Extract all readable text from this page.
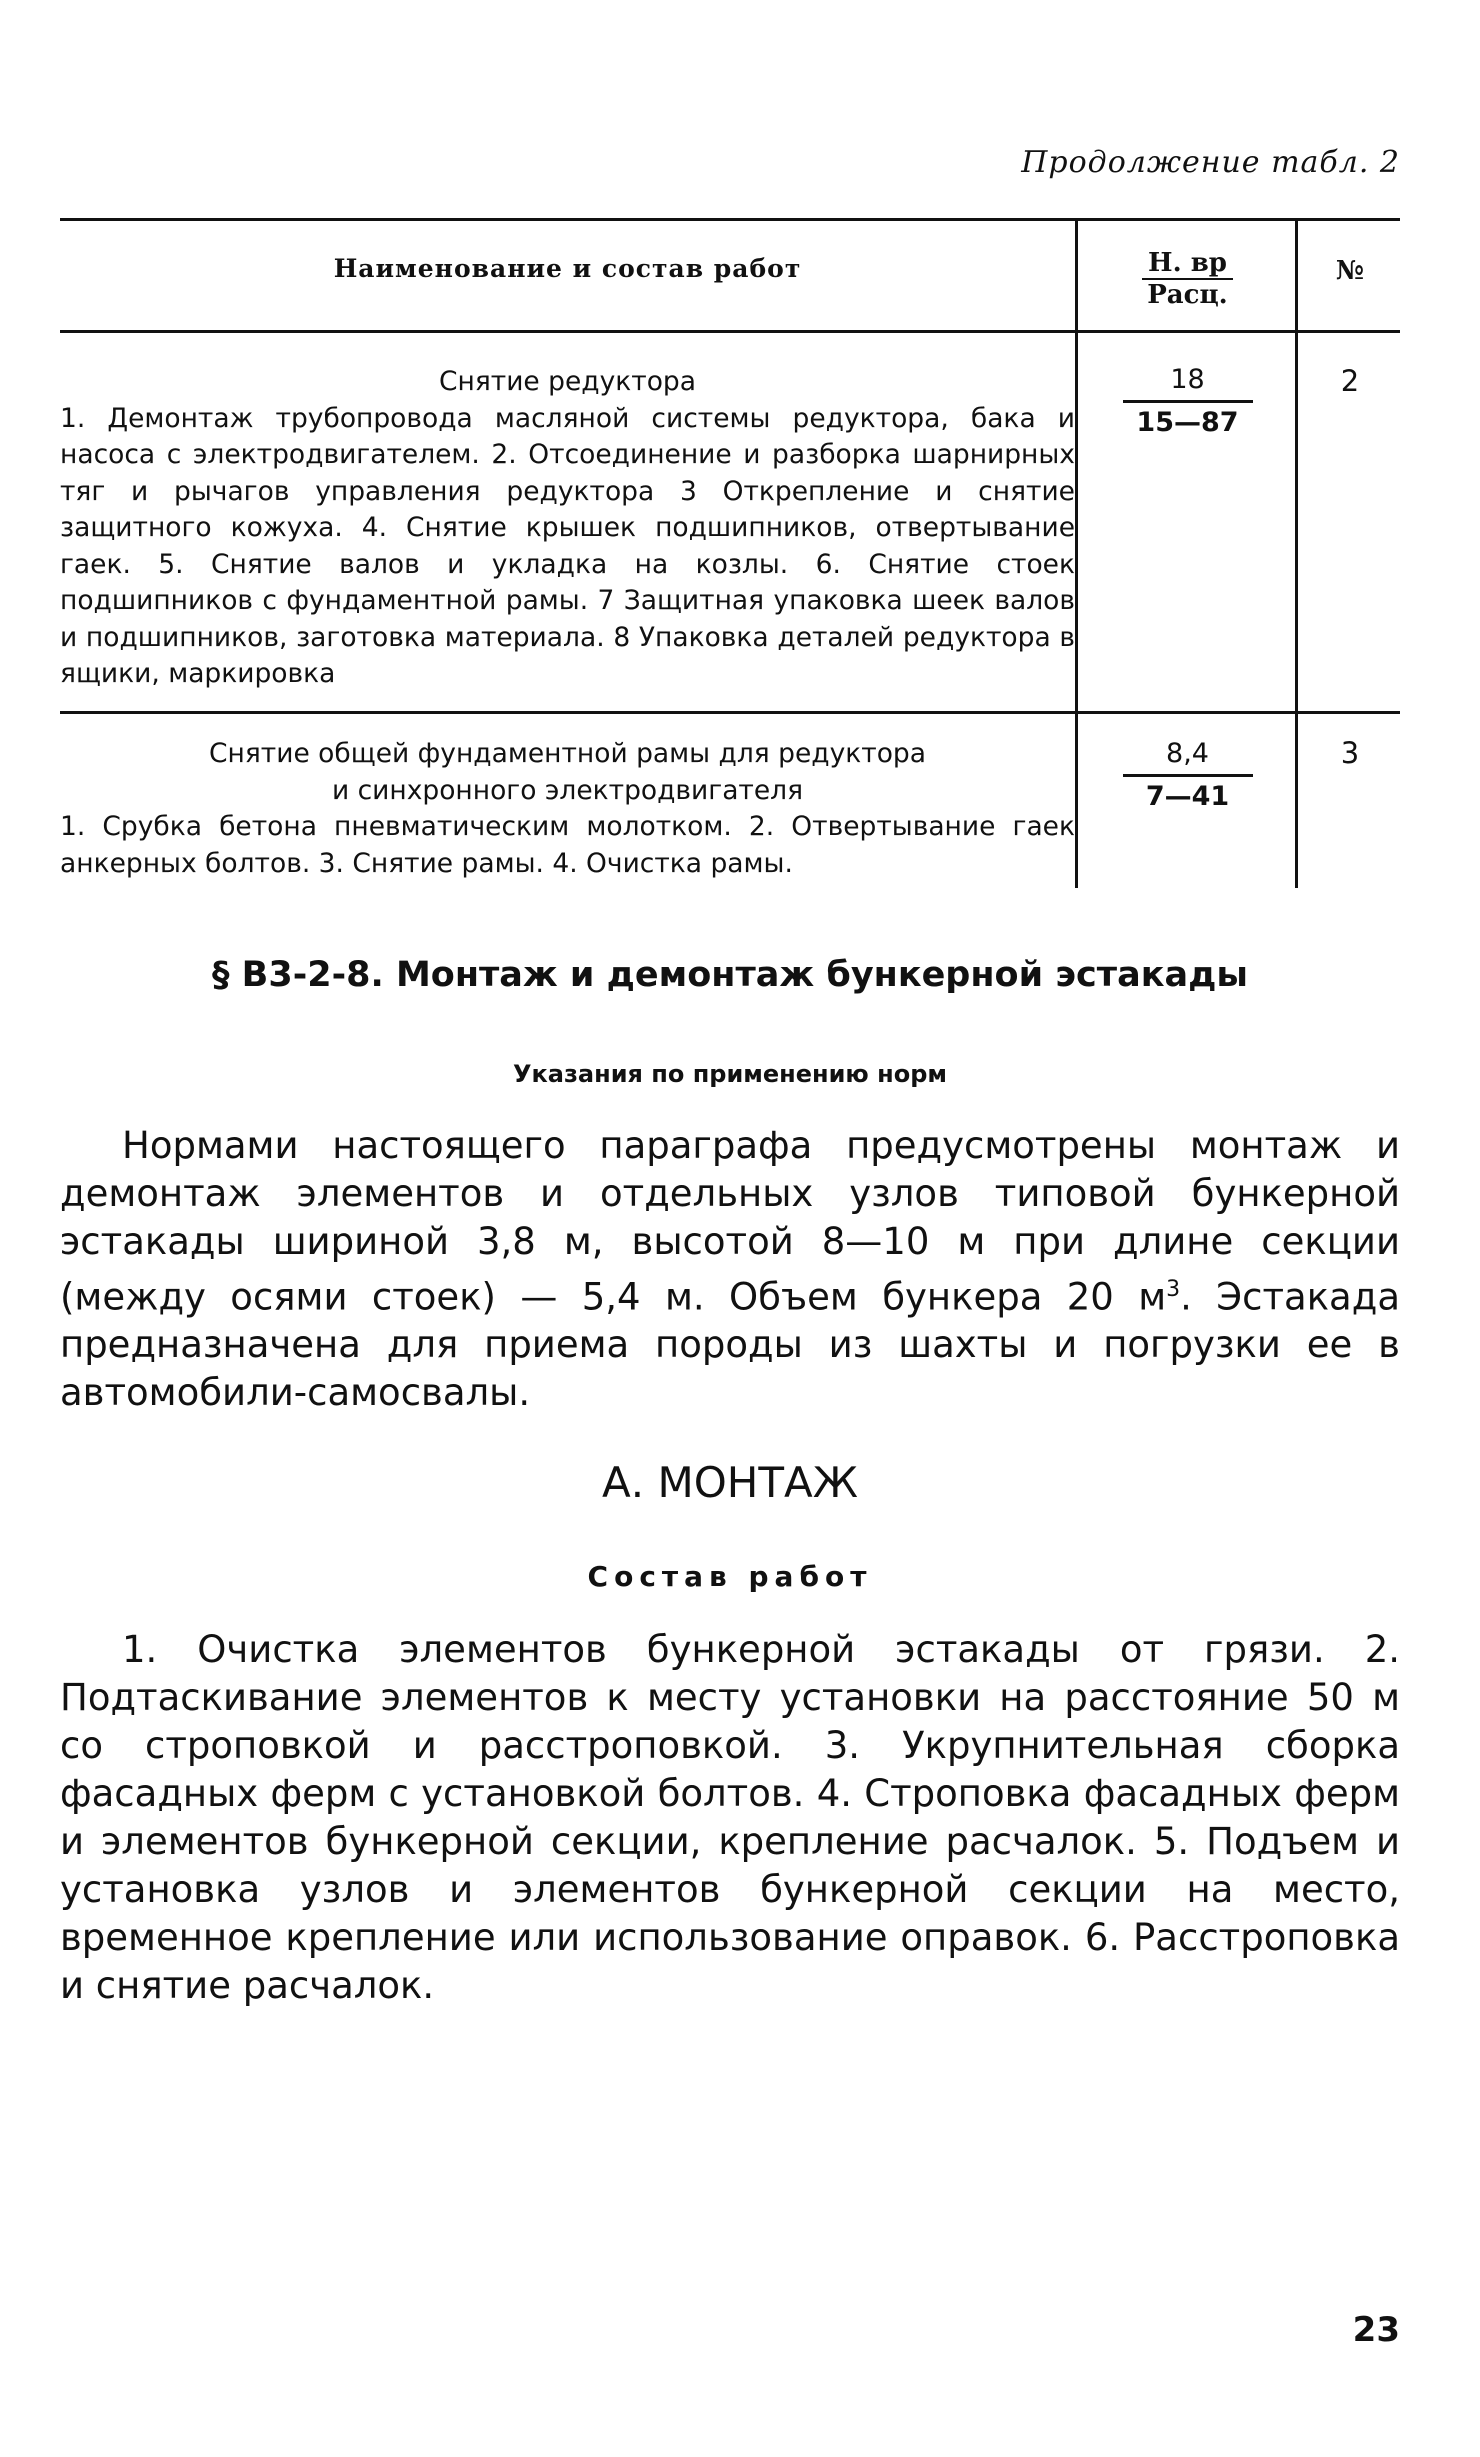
Продолжение табл. 2
Наименование и состав работ	Н. вр
Расц.
№
Снятие редуктора
1. Демонтаж трубопровода масляной системы редуктора, бака и насоса с электродвигателем. 2. Отсоединение и разборка шарнирных тяг и рычагов управления редуктора 3 Открепление и снятие защитного кожуха. 4. Снятие крышек подшипников, отвертывание гаек. 5. Снятие валов и укладка на козлы. 6. Снятие стоек подшипников с фундаментной рамы. 7 Защитная упаковка шеек валов и подшипников, заготовка материала. 8 Упаковка деталей редуктора в ящики, маркировка
18
15—87
2
Снятие общей фундаментной рамы для редуктора
и синхронного электродвигателя
1. Срубка бетона пневматическим молотком. 2. Отвертывание гаек анкерных болтов. 3. Снятие рамы. 4. Очистка рамы.
8,4
7—41
3
§ В3-2-8. Монтаж и демонтаж бункерной эстакады
Указания по применению норм
Нормами настоящего параграфа предусмотрены монтаж и демонтаж элементов и отдельных узлов типовой бункерной эстакады шириной 3,8 м, высотой 8—10 м при длине секции (между осями стоек) — 5,4 м. Объем бункера 20 $м^3$. Эстакада предназначена для приема породы из шахты и погрузки ее в автомобили-самосвалы.
А. МОНТАЖ
Состав работ
1. Очистка элементов бункерной эстакады от грязи. 2. Подтаскивание элементов к месту установки на расстояние 50 м со строповкой и расстроповкой. 3. Укрупнительная сборка фасадных ферм с установкой болтов. 4. Строповка фасадных ферм и элементов бункерной секции, крепление расчалок. 5. Подъем и установка узлов и элементов бункерной секции на место, временное крепление или использование оправок. 6. Расстроповка и снятие расчалок.
23
